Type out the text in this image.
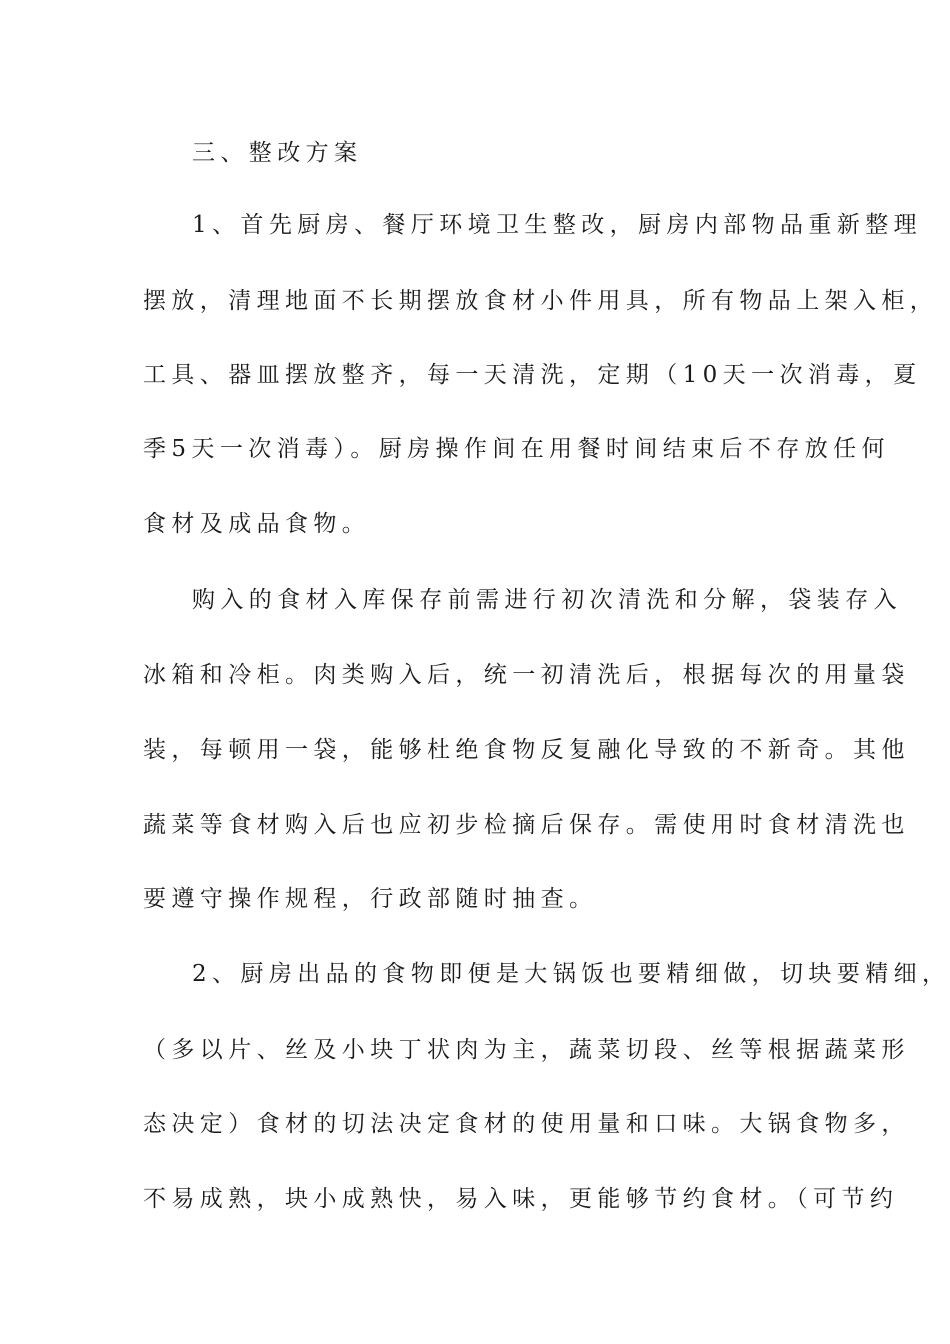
三、整改方案
1、首先厨房、餐厅环境卫生整改，厨房内部物品重新整理
摆放，清理地面不长期摆放食材小件用具，所有物品上架入柜，
工具、器皿摆放整齐，每一天清洗，定期（10天一次消毒，夏
季5天一次消毒）。厨房操作间在用餐时间结束后不存放任何
食材及成品食物。
购入的食材入库保存前需进行初次清洗和分解，袋装存入
冰箱和冷柜。肉类购入后，统一初清洗后，根据每次的用量袋
装，每顿用一袋，能够杜绝食物反复融化导致的不新奇。其他
蔬菜等食材购入后也应初步检摘后保存。需使用时食材清洗也
要遵守操作规程，行政部随时抽查。
2、厨房出品的食物即便是大锅饭也要精细做，切块要精细，
（多以片、丝及小块丁状肉为主，蔬菜切段、丝等根据蔬菜形
态决定）食材的切法决定食材的使用量和口味。大锅食物多，
不易成熟，块小成熟快，易入味，更能够节约食材。（可节约
